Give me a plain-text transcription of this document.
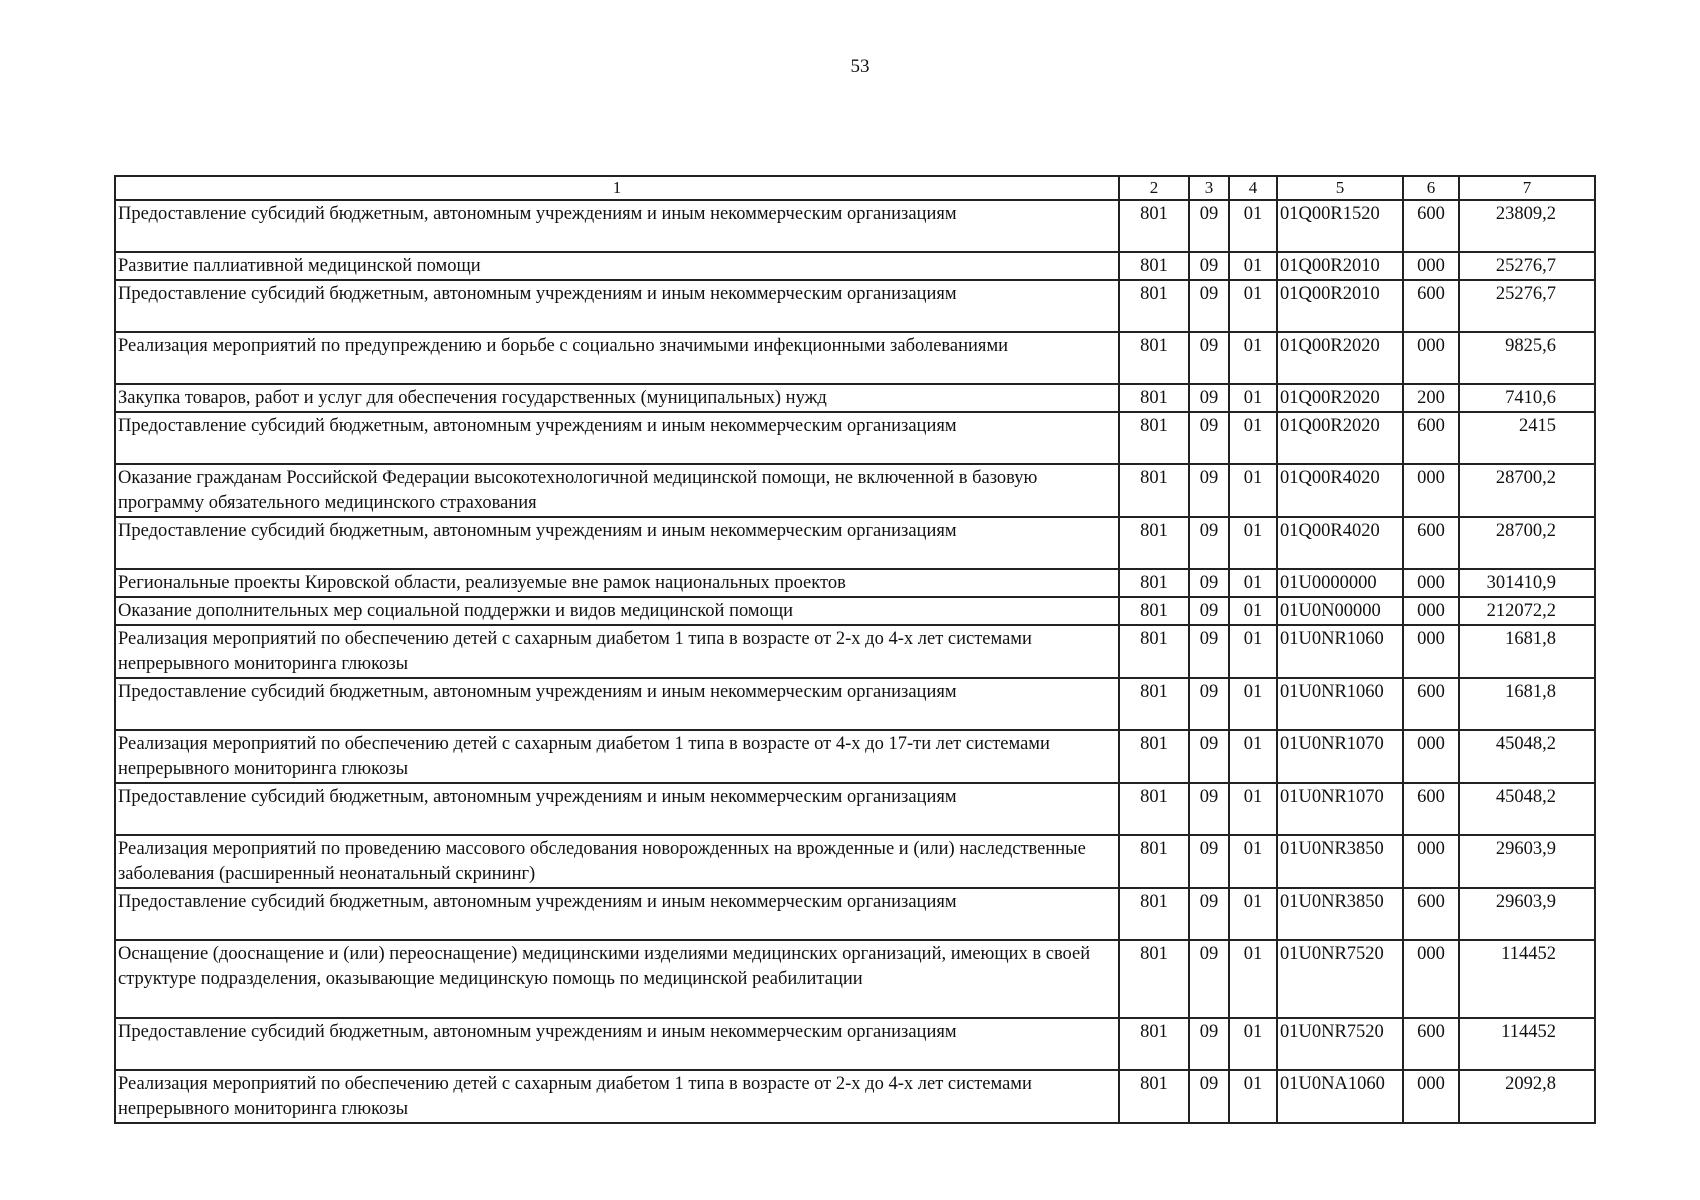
53
1	2	3	4	5	6	7
Предоставление субсидий бюджетным, автономным учреждениям и иным некоммерческим организациям	801	09	01	01Q00R1520	600	23809,2
Развитие паллиативной медицинской помощи	801	09	01	01Q00R2010	000	25276,7
Предоставление субсидий бюджетным, автономным учреждениям и иным некоммерческим организациям	801	09	01	01Q00R2010	600	25276,7
Реализация мероприятий по предупреждению и борьбе с социально значимыми инфекционными заболеваниями	801	09	01	01Q00R2020	000	9825,6
Закупка товаров, работ и услуг для обеспечения государственных (муниципальных) нужд	801	09	01	01Q00R2020	200	7410,6
Предоставление субсидий бюджетным, автономным учреждениям и иным некоммерческим организациям	801	09	01	01Q00R2020	600	2415
Оказание гражданам Российской Федерации высокотехнологичной медицинской помощи, не включенной в базовую программу обязательного медицинского страхования	801	09	01	01Q00R4020	000	28700,2
Предоставление субсидий бюджетным, автономным учреждениям и иным некоммерческим организациям	801	09	01	01Q00R4020	600	28700,2
Региональные проекты Кировской области, реализуемые вне рамок национальных проектов	801	09	01	01U0000000	000	301410,9
Оказание дополнительных мер социальной поддержки и видов медицинской помощи	801	09	01	01U0N00000	000	212072,2
Реализация мероприятий по обеспечению детей с сахарным диабетом 1 типа в возрасте от 2-х до 4-х лет системами непрерывного мониторинга глюкозы	801	09	01	01U0NR1060	000	1681,8
Предоставление субсидий бюджетным, автономным учреждениям и иным некоммерческим организациям	801	09	01	01U0NR1060	600	1681,8
Реализация мероприятий по обеспечению детей с сахарным диабетом 1 типа в возрасте от 4-х до 17-ти лет системами непрерывного мониторинга глюкозы	801	09	01	01U0NR1070	000	45048,2
Предоставление субсидий бюджетным, автономным учреждениям и иным некоммерческим организациям	801	09	01	01U0NR1070	600	45048,2
Реализация мероприятий по проведению массового обследования новорожденных на врожденные и (или) наследственные заболевания (расширенный неонатальный скрининг)	801	09	01	01U0NR3850	000	29603,9
Предоставление субсидий бюджетным, автономным учреждениям и иным некоммерческим организациям	801	09	01	01U0NR3850	600	29603,9
Оснащение (дооснащение и (или) переоснащение) медицинскими изделиями медицинских организаций, имеющих в своей структуре подразделения, оказывающие медицинскую помощь по медицинской реабилитации	801	09	01	01U0NR7520	000	114452
Предоставление субсидий бюджетным, автономным учреждениям и иным некоммерческим организациям	801	09	01	01U0NR7520	600	114452
Реализация мероприятий по обеспечению детей с сахарным диабетом 1 типа в возрасте от 2-х до 4-х лет системами непрерывного мониторинга глюкозы	801	09	01	01U0NA1060	000	2092,8
